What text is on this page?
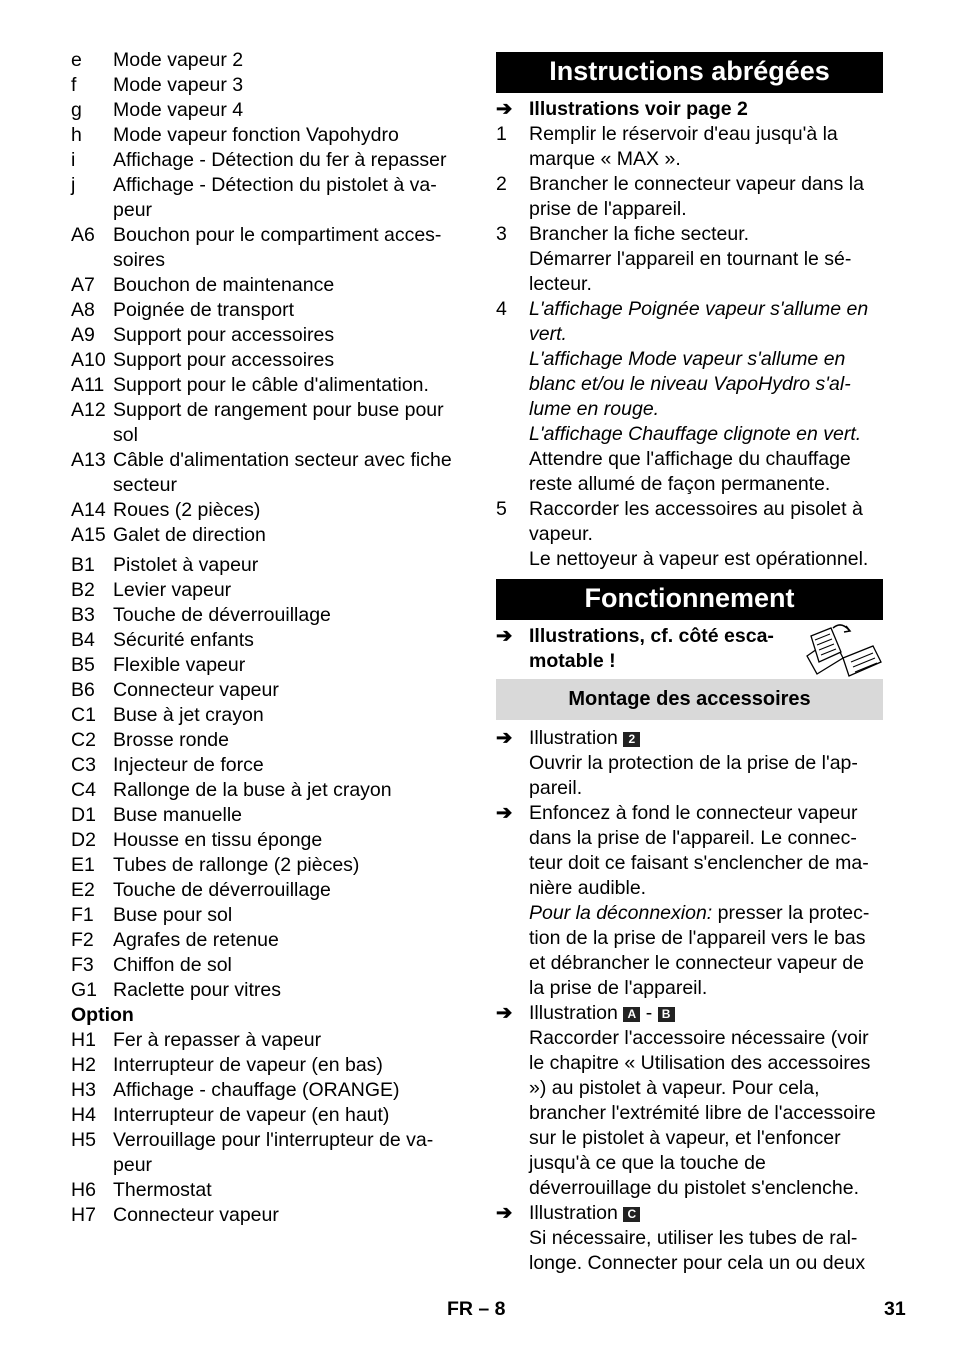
e	Mode vapeur 2
f	Mode vapeur 3
g	Mode vapeur 4
h	Mode vapeur fonction Vapohydro
i	Affichage - Détection du fer à repasser
j	Affichage - Détection du pistolet à va-peur
A6 Bouchon pour le compartiment acces-soires
A7 Bouchon de maintenance
A8 Poignée de transport
A9 Support pour accessoires
A10 Support pour accessoires
A11 Support pour le câble d'alimentation.
A12 Support de rangement pour buse pour sol
A13 Câble d'alimentation secteur avec fiche secteur
A14 Roues (2 pièces)
A15 Galet de direction
B1 Pistolet à vapeur
B2 Levier vapeur
B3 Touche de déverrouillage
B4 Sécurité enfants
B5 Flexible vapeur
B6 Connecteur vapeur
C1 Buse à jet crayon
C2 Brosse ronde
C3 Injecteur de force
C4 Rallonge de la buse à jet crayon
D1 Buse manuelle
D2 Housse en tissu éponge
E1 Tubes de rallonge (2 pièces)
E2 Touche de déverrouillage
F1 Buse pour sol
F2 Agrafes de retenue
F3 Chiffon de sol
G1 Raclette pour vitres
Option
H1 Fer à repasser à vapeur
H2 Interrupteur de vapeur (en bas)
H3 Affichage - chauffage (ORANGE)
H4 Interrupteur de vapeur (en haut)
H5 Verrouillage pour l'interrupteur de va-peur
H6 Thermostat
H7 Connecteur vapeur
Instructions abrégées
➔ Illustrations voir page 2
1	Remplir le réservoir d'eau jusqu'à la marque « MAX ».
2	Brancher le connecteur vapeur dans la prise de l'appareil.
3	Brancher la fiche secteur.
Démarrer l'appareil en tournant le sé-lecteur.
4	L'affichage Poignée vapeur s'allume en vert.
L'affichage Mode vapeur s'allume en blanc et/ou le niveau VapoHydro s'al-lume en rouge.
L'affichage Chauffage clignote en vert.
Attendre que l'affichage du chauffage reste allumé de façon permanente.
5	Raccorder les accessoires au pisolet à vapeur.
Le nettoyeur à vapeur est opérationnel.
Fonctionnement
➔ Illustrations, cf. côté esca-motable !
Montage des accessoires
➔ Illustration 2
Ouvrir la protection de la prise de l'ap-pareil.
➔ Enfoncez à fond le connecteur vapeur dans la prise de l'appareil. Le connec-teur doit ce faisant s'enclencher de ma-nière audible.
Pour la déconnexion: presser la protec-tion de la prise de l'appareil vers le bas et débrancher le connecteur vapeur de la prise de l'appareil.
➔ Illustration A - B
Raccorder l'accessoire nécessaire (voir le chapitre « Utilisation des accessoires ») au pistolet à vapeur. Pour cela, brancher l'extrémité libre de l'accessoire sur le pistolet à vapeur, et l'enfoncer jusqu'à ce que la touche de déverrouillage du pistolet s'enclenche.
➔ Illustration C
Si nécessaire, utiliser les tubes de ral-longe. Connecter pour cela un ou deux
FR – 8	31
